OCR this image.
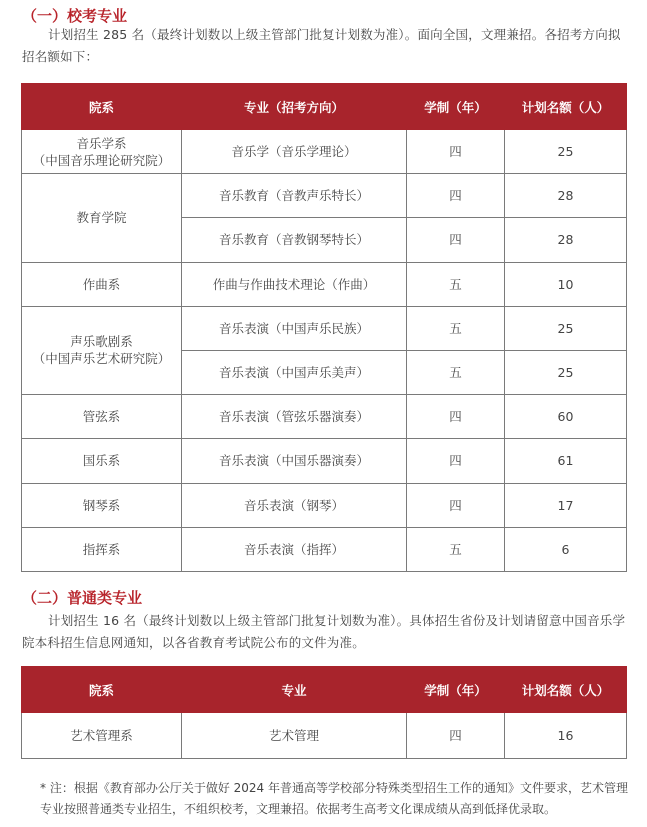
（一）校考专业

计划招生 285 名（最终计划数以上级主管部门批复计划数为准）。面向全国，文理兼招。各招考方向拟招名额如下：

院系	专业（招考方向）	学制（年）	计划名额（人）

音乐学系
（中国音乐理论研究院）	音乐学（音乐学理论）	四	25

教育学院	音乐教育（音教声乐特长）	四	28
	音乐教育（音教钢琴特长）	四	28

作曲系	作曲与作曲技术理论（作曲）	五	10

声乐歌剧系
（中国声乐艺术研究院）	音乐表演（中国声乐民族）	五	25
	音乐表演（中国声乐美声）	五	25

管弦系	音乐表演（管弦乐器演奏）	四	60

国乐系	音乐表演（中国乐器演奏）	四	61

钢琴系	音乐表演（钢琴）	四	17

指挥系	音乐表演（指挥）	五	6
（二）普通类专业

计划招生 16 名（最终计划数以上级主管部门批复计划数为准）。具体招生省份及计划请留意中国音乐学院本科招生信息网通知，以各省教育考试院公布的文件为准。

院系	专业	学制（年）	计划名额（人）

艺术管理系	艺术管理	四	16

* 注：根据《教育部办公厅关于做好 2024 年普通高等学校部分特殊类型招生工作的通知》文件要求，艺术管理专业按照普通类专业招生，不组织校考，文理兼招。依据考生高考文化课成绩从高到低择优录取。
